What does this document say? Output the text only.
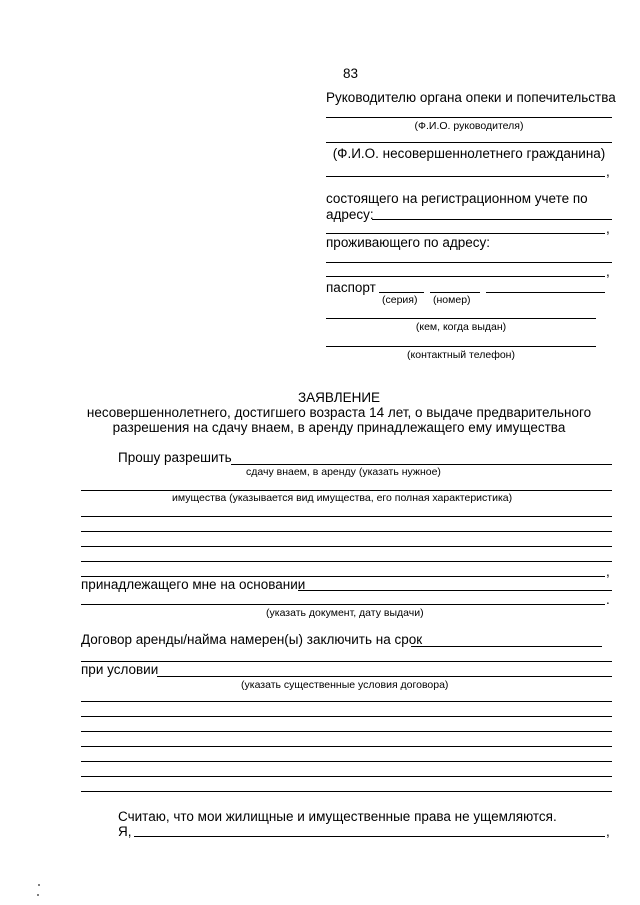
83
Руководителю органа опеки и попечительства
(Ф.И.О. руководителя)
(Ф.И.О. несовершеннолетнего гражданина)
,
состоящего на регистрационном учете по
адресу:
,
проживающего по адресу:
,
паспорт
(серия) (номер)
(кем, когда выдан)
(контактный телефон)
ЗАЯВЛЕНИЕ
несовершеннолетнего, достигшего возраста 14 лет, о выдаче предварительного
разрешения на сдачу внаем, в аренду принадлежащего ему имущества
Прошу разрешить
сдачу внаем, в аренду (указать нужное)
имущества (указывается вид имущества, его полная характеристика)
,
принадлежащего мне на основании
.
(указать документ, дату выдачи)
Договор аренды/найма намерен(ы) заключить на срок
при условии
(указать существенные условия договора)
Считаю, что мои жилищные и имущественные права не ущемляются.
Я,	,
